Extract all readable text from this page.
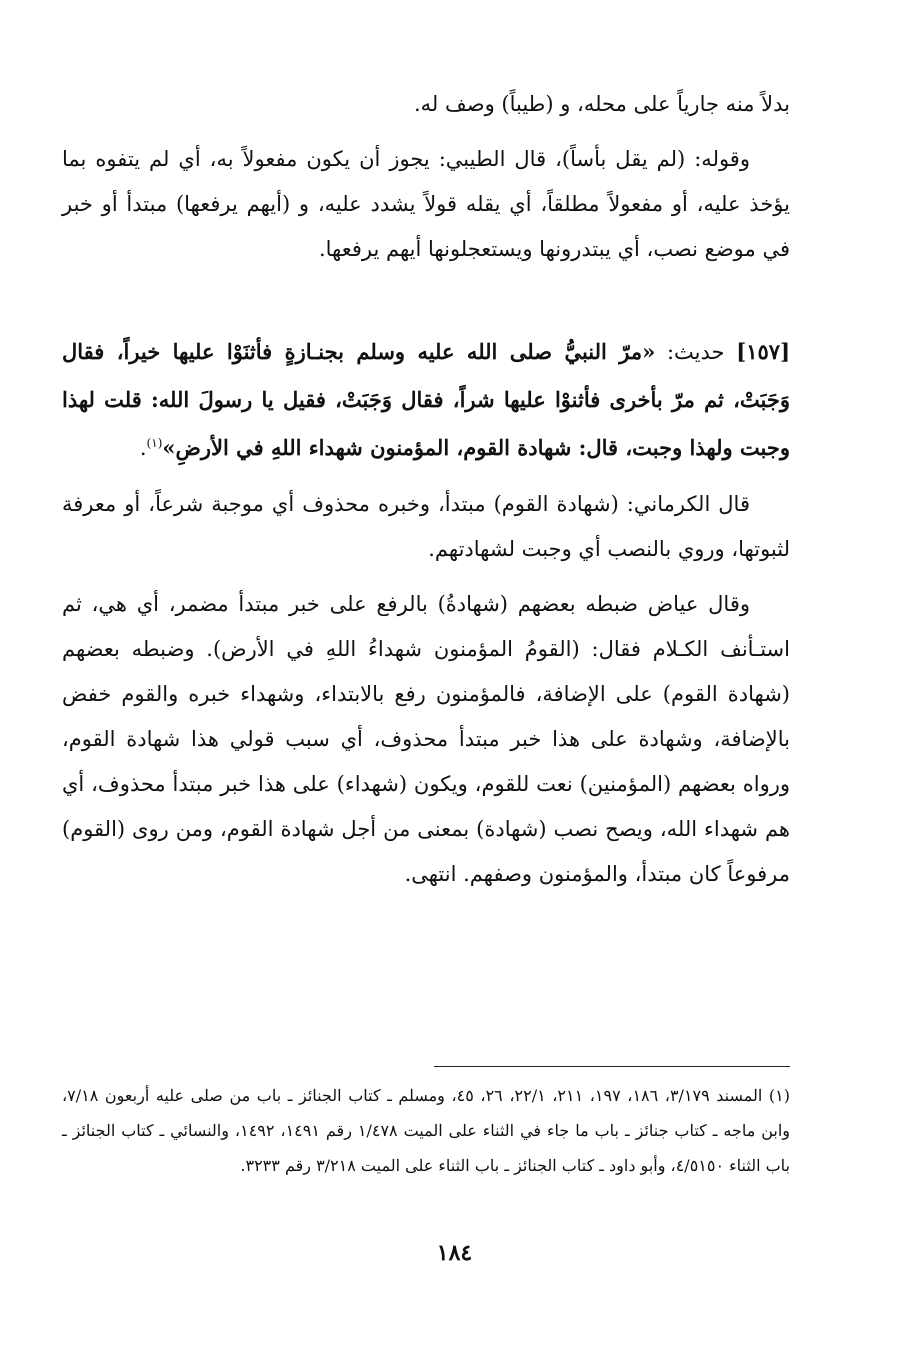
بدلاً منه جارياً على محله، و (طيباً) وصف له.

وقوله: (لم يقل بأساً)، قال الطيبي: يجوز أن يكون مفعولاً به، أي لم يتفوه بما يؤخذ عليه، أو مفعولاً مطلقاً، أي يقله قولاً يشدد عليه، و (أيهم يرفعها) مبتدأ أو خبر في موضع نصب، أي يبتدرونها ويستعجلونها أيهم يرفعها.

[١٥٧] حديث: «مرّ النبيُّ صلى الله عليه وسلم بجنـازةٍ فأثنَوْا عليها خيراً، فقال وَجَبَتْ، ثم مرّ بأخرى فأثنوْا عليها شراً، فقال وَجَبَتْ، فقيل يا رسولَ الله: قلت لهذا وجبت ولهذا وجبت، قال: شهادة القوم، المؤمنون شهداء اللهِ في الأرضِ»$^{(١)}$.

قال الكرماني: (شهادة القوم) مبتدأ، وخبره محذوف أي موجبة شرعاً، أو معرفة لثبوتها، وروي بالنصب أي وجبت لشهادتهم.

وقال عياض ضبطه بعضهم (شهادةُ) بالرفع على خبر مبتدأ مضمر، أي هي، ثم استـأنف الكـلام فقال: (القومُ المؤمنون شهداءُ اللهِ في الأرض). وضبطه بعضهم (شهادة القوم) على الإضافة، فالمؤمنون رفع بالابتداء، وشهداء خبره والقوم خفض بالإضافة، وشهادة على هذا خبر مبتدأ محذوف، أي سبب قولي هذا شهادة القوم، ورواه بعضهم (المؤمنين) نعت للقوم، ويكون (شهداء) على هذا خبر مبتدأ محذوف، أي هم شهداء الله، ويصح نصب (شهادة) بمعنى من أجل شهادة القوم، ومن روى (القوم) مرفوعاً كان مبتدأ، والمؤمنون وصفهم. انتهى.

(١) المسند ٣/١٧٩، ١٨٦، ١٩٧، ٢١١، ٢٢/١، ٢٦، ٤٥، ومسلم ـ كتاب الجنائز ـ باب من صلى عليه أربعون ٧/١٨، وابن ماجه ـ كتاب جنائز ـ باب ما جاء في الثناء على الميت ١/٤٧٨ رقم ١٤٩١، ١٤٩٢، والنسائي ـ كتاب الجنائز ـ باب الثناء ٤/٥١٥٠، وأبو داود ـ كتاب الجنائز ـ باب الثناء على الميت ٣/٢١٨ رقم ٣٢٣٣.

١٨٤
